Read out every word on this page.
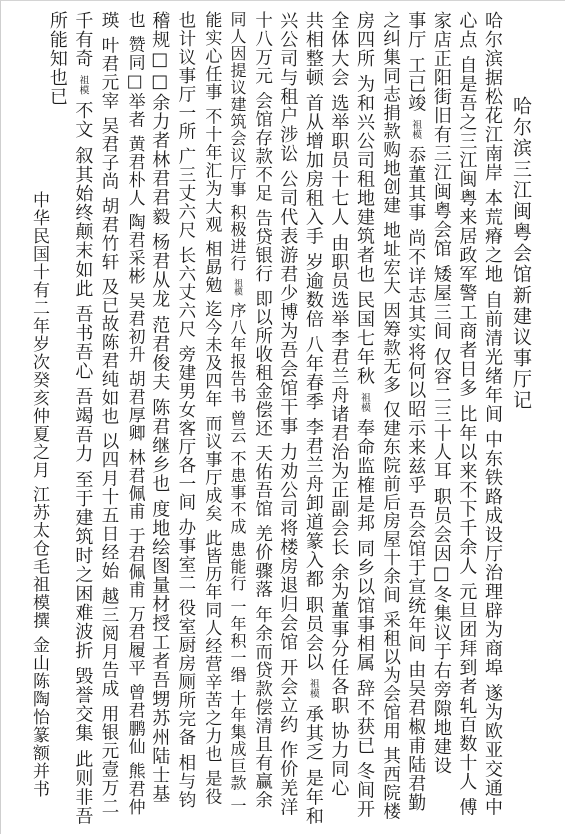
哈尔滨三江闽粤会馆新建议事厅记
哈尔滨据松花江南岸 本荒瘠之地 自前清光绪年间 中东铁路成设厅治理辟为商埠 遂为欧亚交通中
心点 自是吾之三江闽粤来居政军警工商者日多 比年以来不下千余人 元旦团拜到者轧百数十人 傅
家店正阳街旧有三江闽粤会馆 矮屋三间 仅容二三十人耳 职员会因□冬集议于右旁隙地建设
事厅 工已竣 祖模 忝董其事 尚不详志其实将何以昭示来兹乎 吾会馆于宣统年间 由吴君椒甫陆君勤
之纠集同志捐款购地创建 地址宏大 因筹款无多 仅建东院前后房屋十余间 采租以为会馆用 其西院楼
房四所 为和兴公司租地建筑者也 民国七年秋 祖模 奉命监榷是邦 同乡以馆事相属 辞不获已 冬间开
全体大会 选举职员十七人 由职员选举李君兰舟诸君治为正副会长 余为董事分任各职 协力同心
共相整顿 首从增加房租入手 岁逾数倍 八年春季 李君兰舟卸道篆入都 职员会以 祖模 承其乏 是年和
兴公司与租户涉讼 公司代表游君少博为吾会馆干事 力劝公司将楼房退归会馆 开会立约 作价羌洋
十八万元 会馆存款不足 告贷银行 即以所收租金偿还 天佑吾馆 羌价骤落 年余而贷款偿清且有赢余
同人因提议建筑会议厅事 积极进行 祖模 序八年报告书 曾云 不患事不成 患能行 一年积一缗 十年集成巨款 一
能实心任事 不十年汇为大观 相勗勉 迄今未及四年 而议事厅成矣 此皆历年同人经营辛苦之力也 是役
也计议事厅一所 广三丈六尺 长六丈六尺 旁建男女客厅各一间 办事室二 役室厨房厕所完备 相与钧
稽规□□余力者林君君毅 杨君从龙 范君俊夫 陈君继乡也 度地绘图量材授工者吾甥苏州陆士基
也 赞同□举者 黄君朴人 陶君采彬 吴君初升 胡君厚卿 林君佩甫 于君佩甫 万君履平 曾君鹏仙 熊君仲
瑛 叶君元宰 吴君子尚 胡君竹轩 及已故陈君纯如也 以四月十五日经始 越三阅月告成 用银元壹万二
千有奇 祖模 不文 叙其始终颠末如此 吾书吾心 吾竭吾力 至于建筑时之困难波折 毁誉交集 此则非吾
所能知也已
中华民国十有二年岁次癸亥仲夏之月 江苏太仓毛祖模撰 金山陈陶怡篆额并书
